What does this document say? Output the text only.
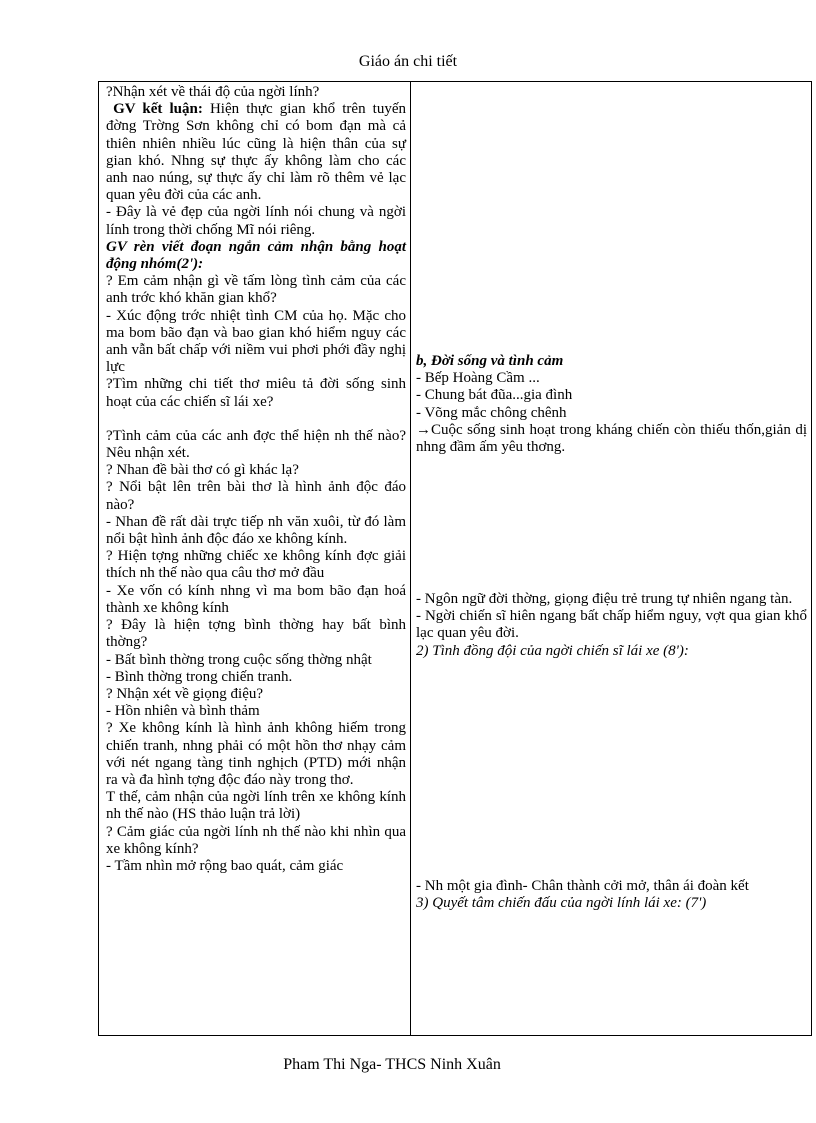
Giáo án chi tiết

?Nhận xét về thái độ của ngời lính?

GV kết luận: Hiện thực gian khổ trên tuyến đờng Trờng Sơn không chỉ có bom đạn mà cả thiên nhiên nhiều lúc cũng là hiện thân của sự gian khó. Nhng sự thực ấy không làm cho các anh nao núng, sự thực ấy chỉ làm rõ thêm vẻ lạc quan yêu đời của các anh.

- Đây là vẻ đẹp của ngời lính nói chung và ngời lính trong thời chống Mĩ nói riêng.

GV rèn viết đoạn ngắn cảm nhận bằng hoạt động nhóm(2'):

? Em cảm nhận gì về tấm lòng tình cảm của các anh trớc khó khăn gian khổ?

- Xúc động trớc nhiệt tình CM của họ. Mặc cho ma bom bão đạn và bao gian khó hiểm nguy các anh vẫn bất chấp với niềm vui phơi phới đầy nghị lực

?Tìm những chi tiết thơ miêu tả đời sống sinh hoạt của các chiến sĩ lái xe?

?Tình cảm của các anh đợc thể hiện nh thế nào? Nêu nhận xét.

? Nhan đề bài thơ có gì khác lạ?

? Nổi bật lên trên bài thơ là hình ảnh độc đáo nào?

- Nhan đề rất dài trực tiếp nh văn xuôi, từ đó làm nổi bật hình ảnh độc đáo xe không kính.

? Hiện tợng những chiếc xe không kính đợc giải thích nh thế nào qua câu thơ mở đầu

- Xe vốn có kính nhng vì ma bom bão đạn hoá thành xe không kính

? Đây là hiện tợng bình thờng hay bất bình thờng?

- Bất bình thờng trong cuộc sống thờng nhật

- Bình thờng trong chiến tranh.

? Nhận xét về giọng điệu?

- Hồn nhiên và bình thảm

? Xe không kính là hình ảnh không hiếm trong chiến tranh, nhng phải có một hồn thơ nhạy cảm với nét ngang tàng tinh nghịch (PTD) mới nhận ra và đa hình tợng độc đáo này trong thơ.

T thế, cảm nhận của ngời lính trên xe không kính nh thế nào (HS thảo luận trả lời)

? Cảm giác của ngời lính nh thế nào khi nhìn qua xe không kính?

- Tầm nhìn mở rộng bao quát, cảm giác

b, Đời sống và tình cảm

- Bếp Hoàng Cầm ...

- Chung bát đũa...gia đình

- Võng mắc chông chênh

→Cuộc sống sinh hoạt trong kháng chiến còn thiếu thốn,giản dị nhng đầm ấm yêu thơng.

- Ngôn ngữ đời thờng, giọng điệu trẻ trung tự nhiên ngang tàn.

- Ngời chiến sĩ hiên ngang bất chấp hiểm nguy, vợt qua gian khổ lạc quan yêu đời.

2) Tình đồng đội của ngời chiến sĩ lái xe (8'):

- Nh một gia đình- Chân thành cởi mở, thân ái đoàn kết

3) Quyết tâm chiến đấu của ngời lính lái xe: (7')

Pham Thi Nga- THCS Ninh Xuân
